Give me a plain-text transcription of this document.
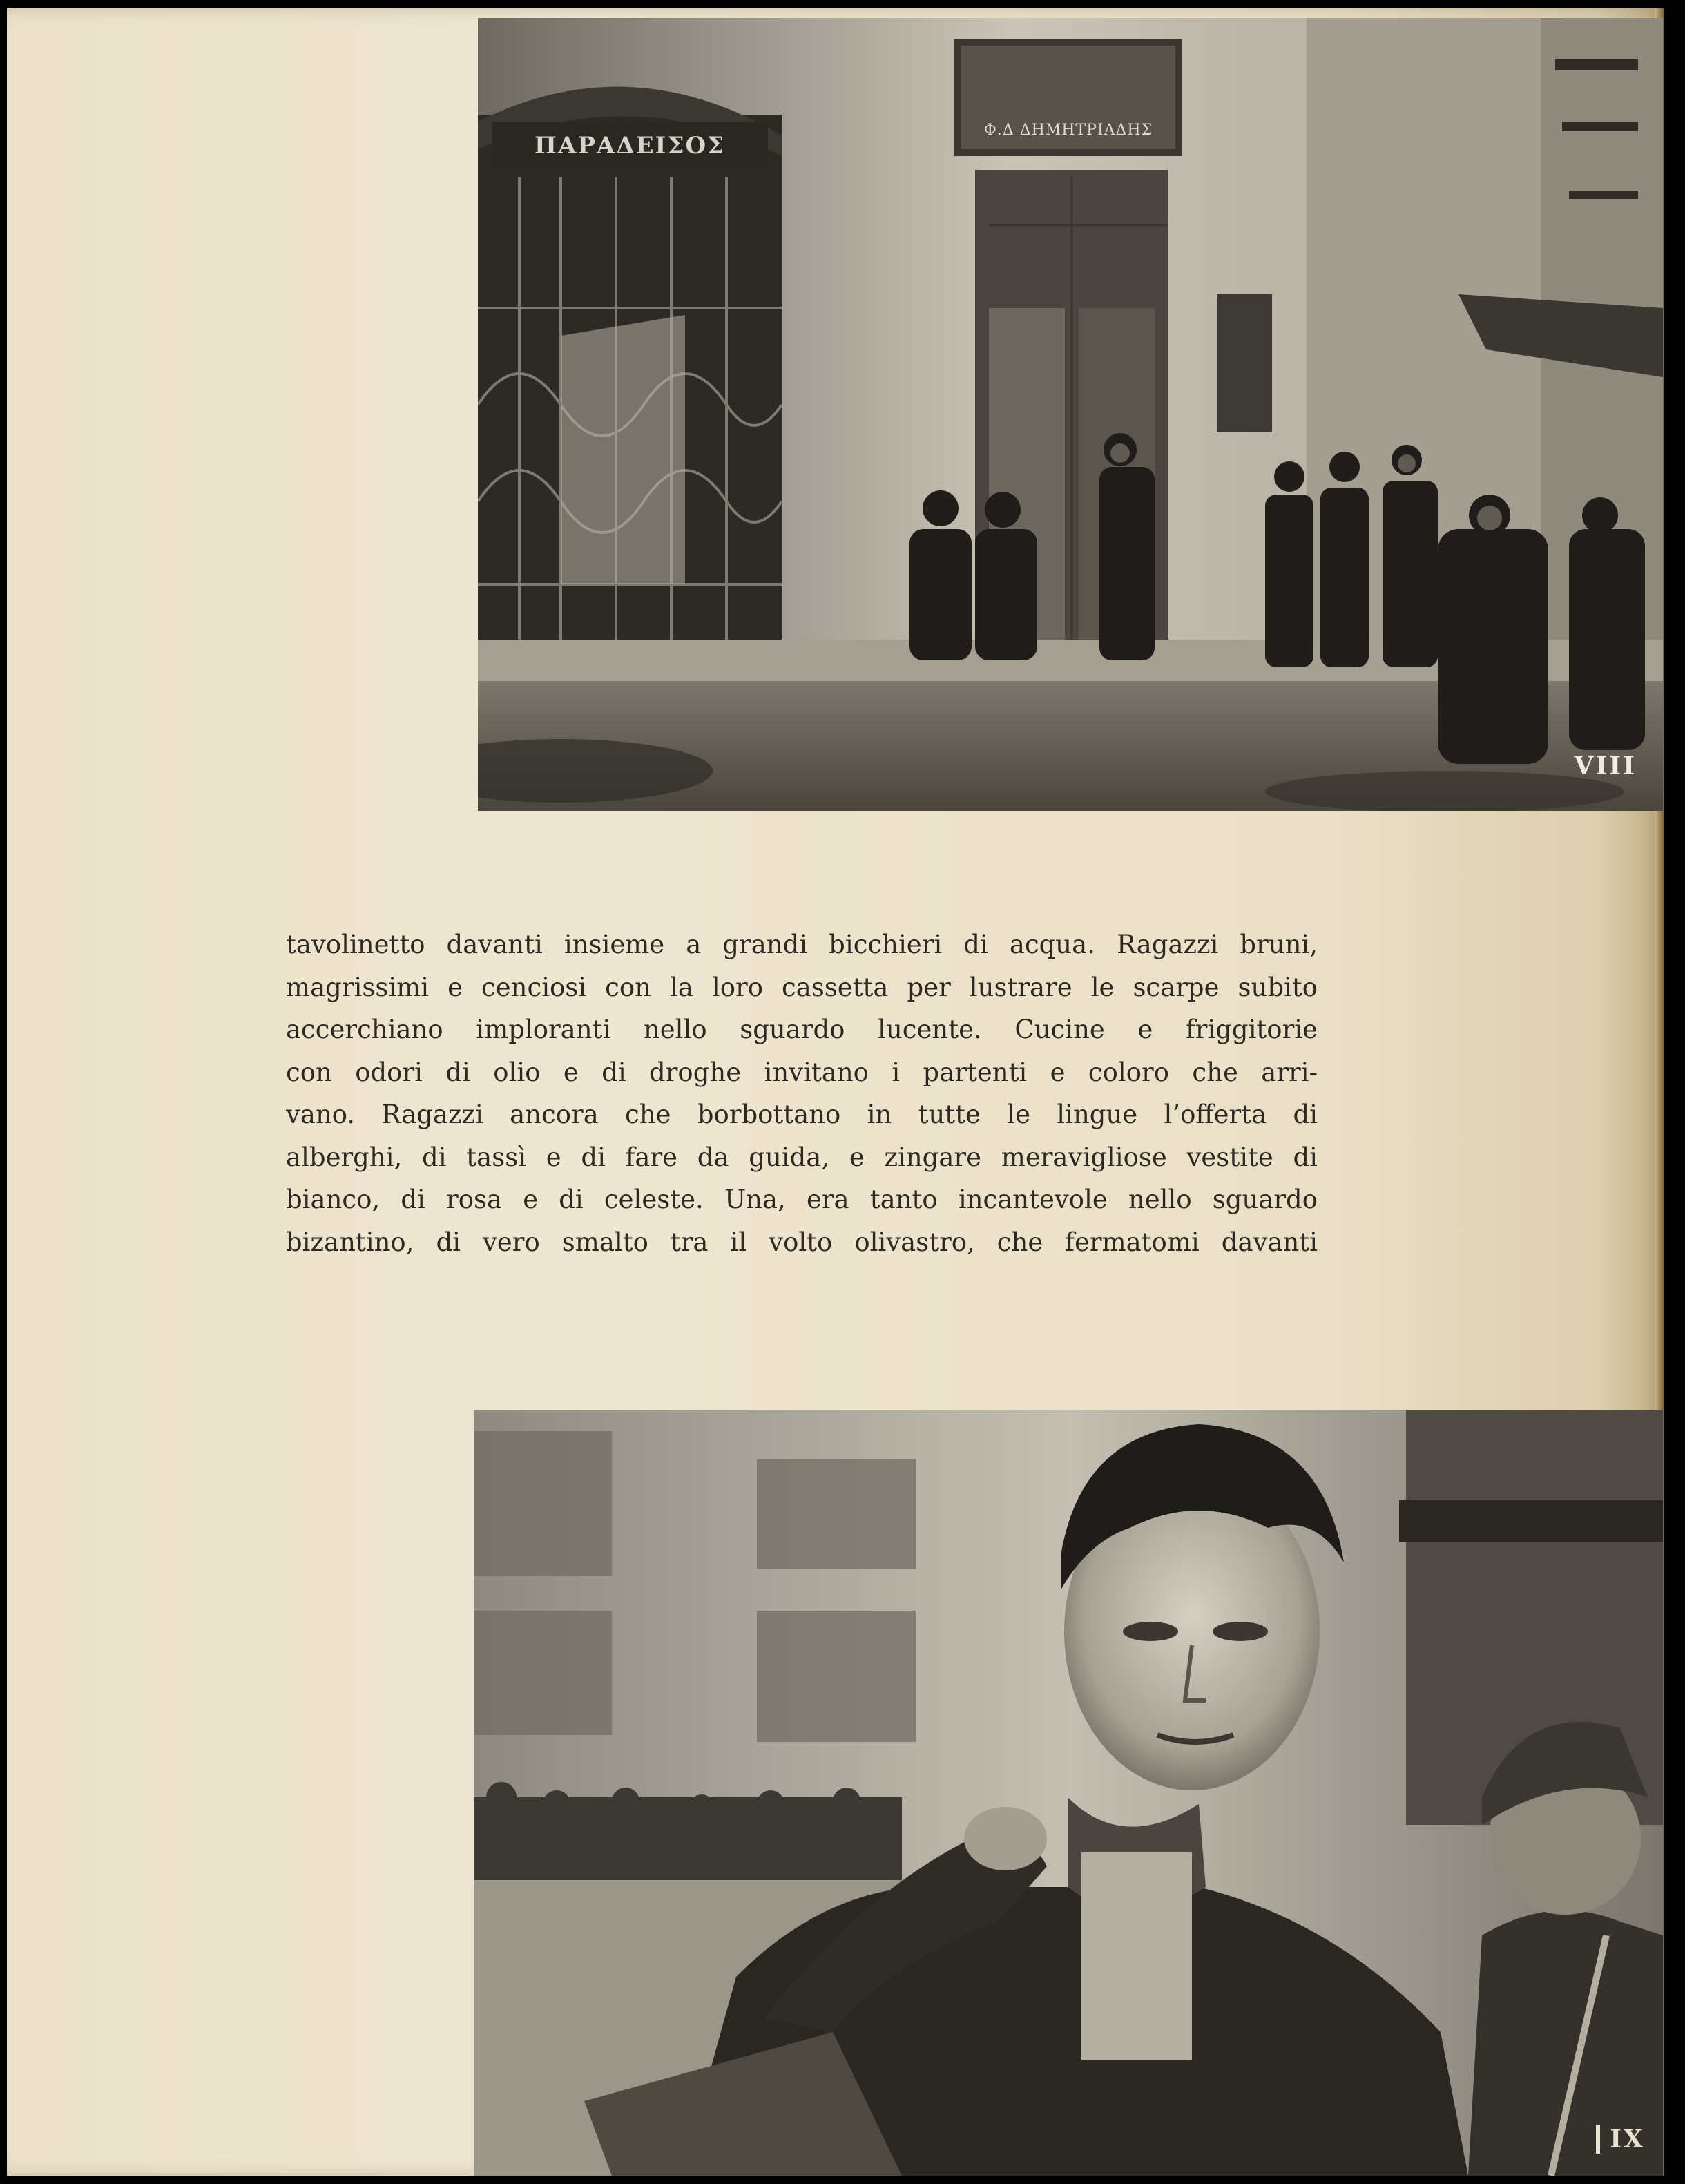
ΠΑΡΑΔΕΙΣΟΣ
Φ.Δ ΔΗΜΗΤΡΙΑΔΗΣ
VIII
tavolinetto davanti insieme a grandi bicchieri di acqua. Ragazzi bruni,
magrissimi e cenciosi con la loro cassetta per lustrare le scarpe subito
accerchiano imploranti nello sguardo lucente. Cucine e friggitorie
con odori di olio e di droghe invitano i partenti e coloro che arri-
vano. Ragazzi ancora che borbottano in tutte le lingue l’offerta di
alberghi, di tassì e di fare da guida, e zingare meravigliose vestite di
bianco, di rosa e di celeste. Una, era tanto incantevole nello sguardo
bizantino, di vero smalto tra il volto olivastro, che fermatomi davanti
IX
